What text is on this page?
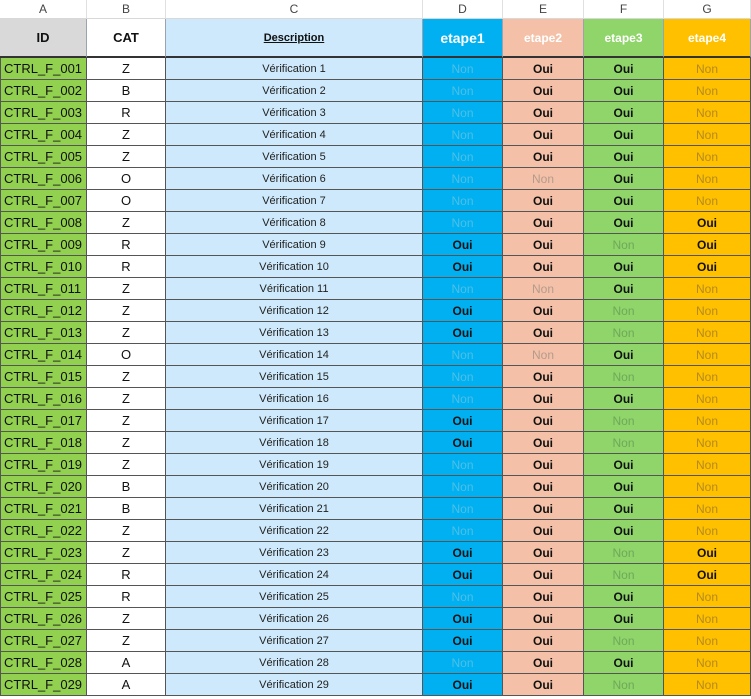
A	B	C	D	E	F	G
ID	CAT	Description	etape1	etape2	etape3	etape4
CTRL_F_001	Z	Vérification 1	Non	Oui	Oui	Non
CTRL_F_002	B	Vérification 2	Non	Oui	Oui	Non
CTRL_F_003	R	Vérification 3	Non	Oui	Oui	Non
CTRL_F_004	Z	Vérification 4	Non	Oui	Oui	Non
CTRL_F_005	Z	Vérification 5	Non	Oui	Oui	Non
CTRL_F_006	O	Vérification 6	Non	Non	Oui	Non
CTRL_F_007	O	Vérification 7	Non	Oui	Oui	Non
CTRL_F_008	Z	Vérification 8	Non	Oui	Oui	Oui
CTRL_F_009	R	Vérification 9	Oui	Oui	Non	Oui
CTRL_F_010	R	Vérification 10	Oui	Oui	Oui	Oui
CTRL_F_011	Z	Vérification 11	Non	Non	Oui	Non
CTRL_F_012	Z	Vérification 12	Oui	Oui	Non	Non
CTRL_F_013	Z	Vérification 13	Oui	Oui	Non	Non
CTRL_F_014	O	Vérification 14	Non	Non	Oui	Non
CTRL_F_015	Z	Vérification 15	Non	Oui	Non	Non
CTRL_F_016	Z	Vérification 16	Non	Oui	Oui	Non
CTRL_F_017	Z	Vérification 17	Oui	Oui	Non	Non
CTRL_F_018	Z	Vérification 18	Oui	Oui	Non	Non
CTRL_F_019	Z	Vérification 19	Non	Oui	Oui	Non
CTRL_F_020	B	Vérification 20	Non	Oui	Oui	Non
CTRL_F_021	B	Vérification 21	Non	Oui	Oui	Non
CTRL_F_022	Z	Vérification 22	Non	Oui	Oui	Non
CTRL_F_023	Z	Vérification 23	Oui	Oui	Non	Oui
CTRL_F_024	R	Vérification 24	Oui	Oui	Non	Oui
CTRL_F_025	R	Vérification 25	Non	Oui	Oui	Non
CTRL_F_026	Z	Vérification 26	Oui	Oui	Oui	Non
CTRL_F_027	Z	Vérification 27	Oui	Oui	Non	Non
CTRL_F_028	A	Vérification 28	Non	Oui	Oui	Non
CTRL_F_029	A	Vérification 29	Oui	Oui	Non	Non
